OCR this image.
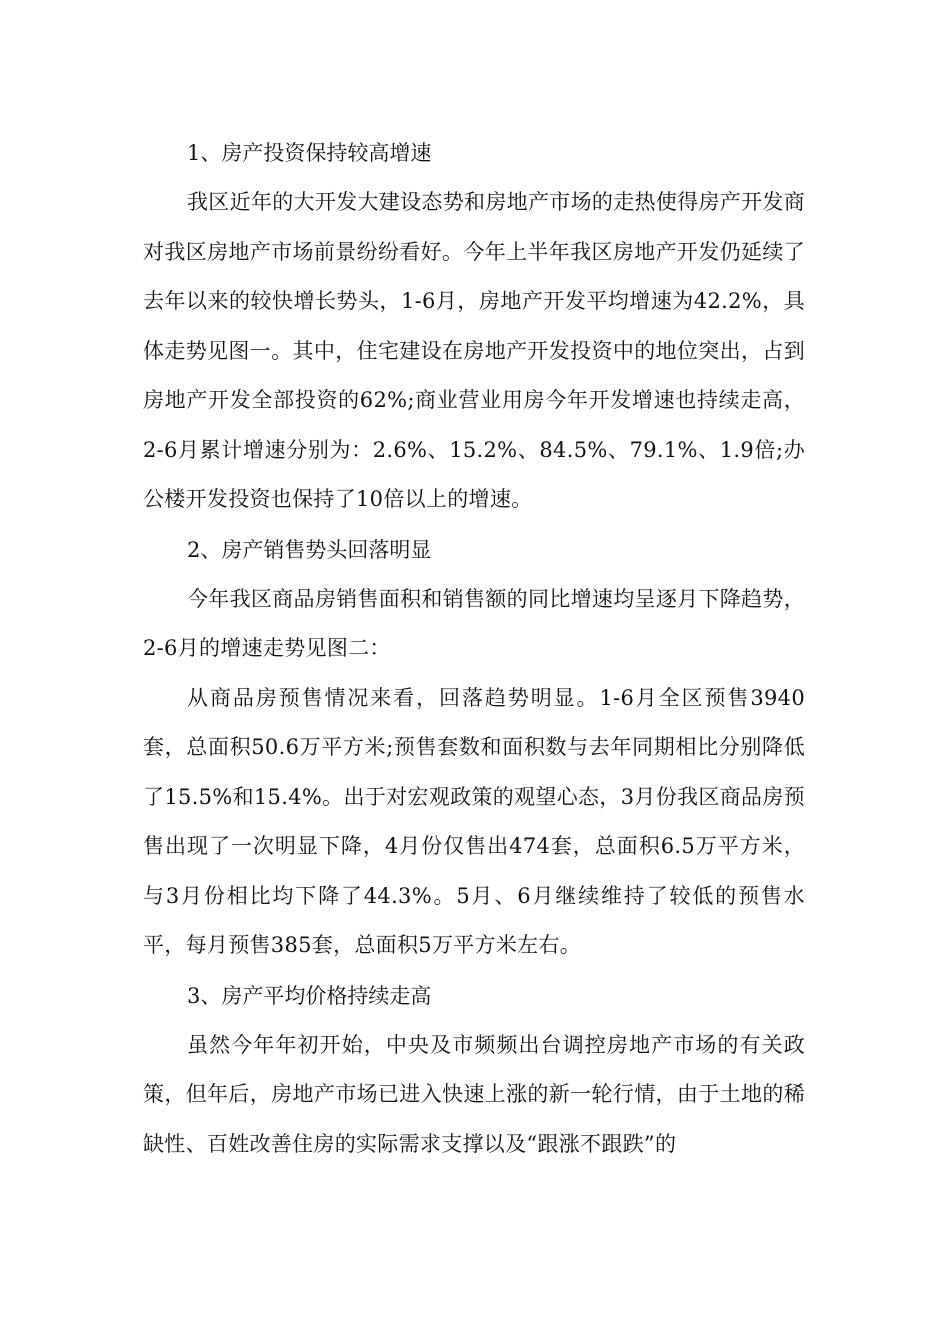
1、房产投资保持较高增速

我区近年的大开发大建设态势和房地产市场的走热使得房产开发商对我区房地产市场前景纷纷看好。今年上半年我区房地产开发仍延续了去年以来的较快增长势头，1-6月，房地产开发平均增速为42.2%，具体走势见图一。其中，住宅建设在房地产开发投资中的地位突出，占到房地产开发全部投资的62%;商业营业用房今年开发增速也持续走高，2-6月累计增速分别为：2.6%、15.2%、84.5%、79.1%、1.9倍;办公楼开发投资也保持了10倍以上的增速。

2、房产销售势头回落明显

今年我区商品房销售面积和销售额的同比增速均呈逐月下降趋势，2-6月的增速走势见图二：

从商品房预售情况来看，回落趋势明显。1-6月全区预售3940套，总面积50.6万平方米;预售套数和面积数与去年同期相比分别降低了15.5%和15.4%。出于对宏观政策的观望心态，3月份我区商品房预售出现了一次明显下降，4月份仅售出474套，总面积6.5万平方米，与3月份相比均下降了44.3%。5月、6月继续维持了较低的预售水平，每月预售385套，总面积5万平方米左右。

3、房产平均价格持续走高

虽然今年年初开始，中央及市频频出台调控房地产市场的有关政策，但年后，房地产市场已进入快速上涨的新一轮行情，由于土地的稀缺性、百姓改善住房的实际需求支撑以及“跟涨不跟跌”的
